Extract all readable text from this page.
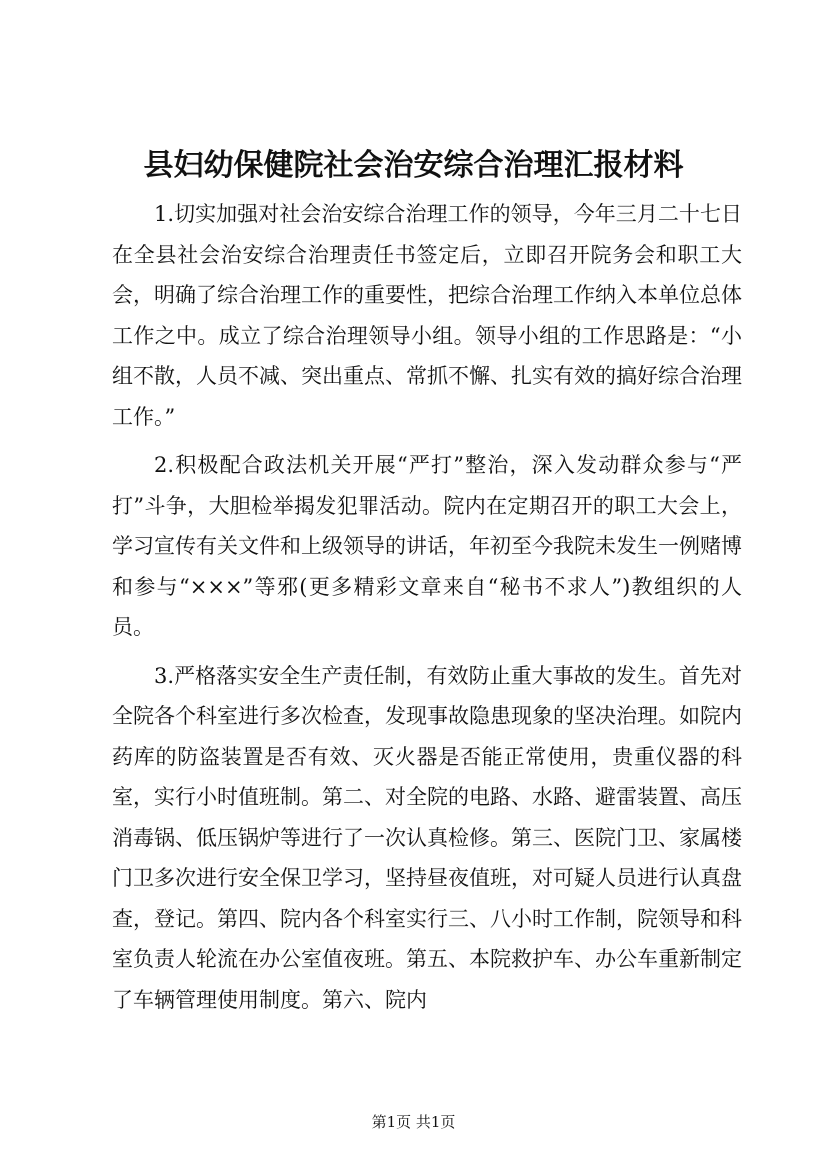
县妇幼保健院社会治安综合治理汇报材料

1.切实加强对社会治安综合治理工作的领导，今年三月二十七日在全县社会治安综合治理责任书签定后，立即召开院务会和职工大会，明确了综合治理工作的重要性，把综合治理工作纳入本单位总体工作之中。成立了综合治理领导小组。领导小组的工作思路是：“小组不散，人员不减、突出重点、常抓不懈、扎实有效的搞好综合治理工作。”

2.积极配合政法机关开展“严打”整治，深入发动群众参与“严打”斗争，大胆检举揭发犯罪活动。院内在定期召开的职工大会上，学习宣传有关文件和上级领导的讲话，年初至今我院未发生一例赌博和参与“×××”等邪(更多精彩文章来自“秘书不求人”)教组织的人员。

3.严格落实安全生产责任制，有效防止重大事故的发生。首先对全院各个科室进行多次检查，发现事故隐患现象的坚决治理。如院内药库的防盗装置是否有效、灭火器是否能正常使用，贵重仪器的科室，实行小时值班制。第二、对全院的电路、水路、避雷装置、高压消毒锅、低压锅炉等进行了一次认真检修。第三、医院门卫、家属楼门卫多次进行安全保卫学习，坚持昼夜值班，对可疑人员进行认真盘查，登记。第四、院内各个科室实行三、八小时工作制，院领导和科室负责人轮流在办公室值夜班。第五、本院救护车、办公车重新制定了车辆管理使用制度。第六、院内

第1页 共1页
